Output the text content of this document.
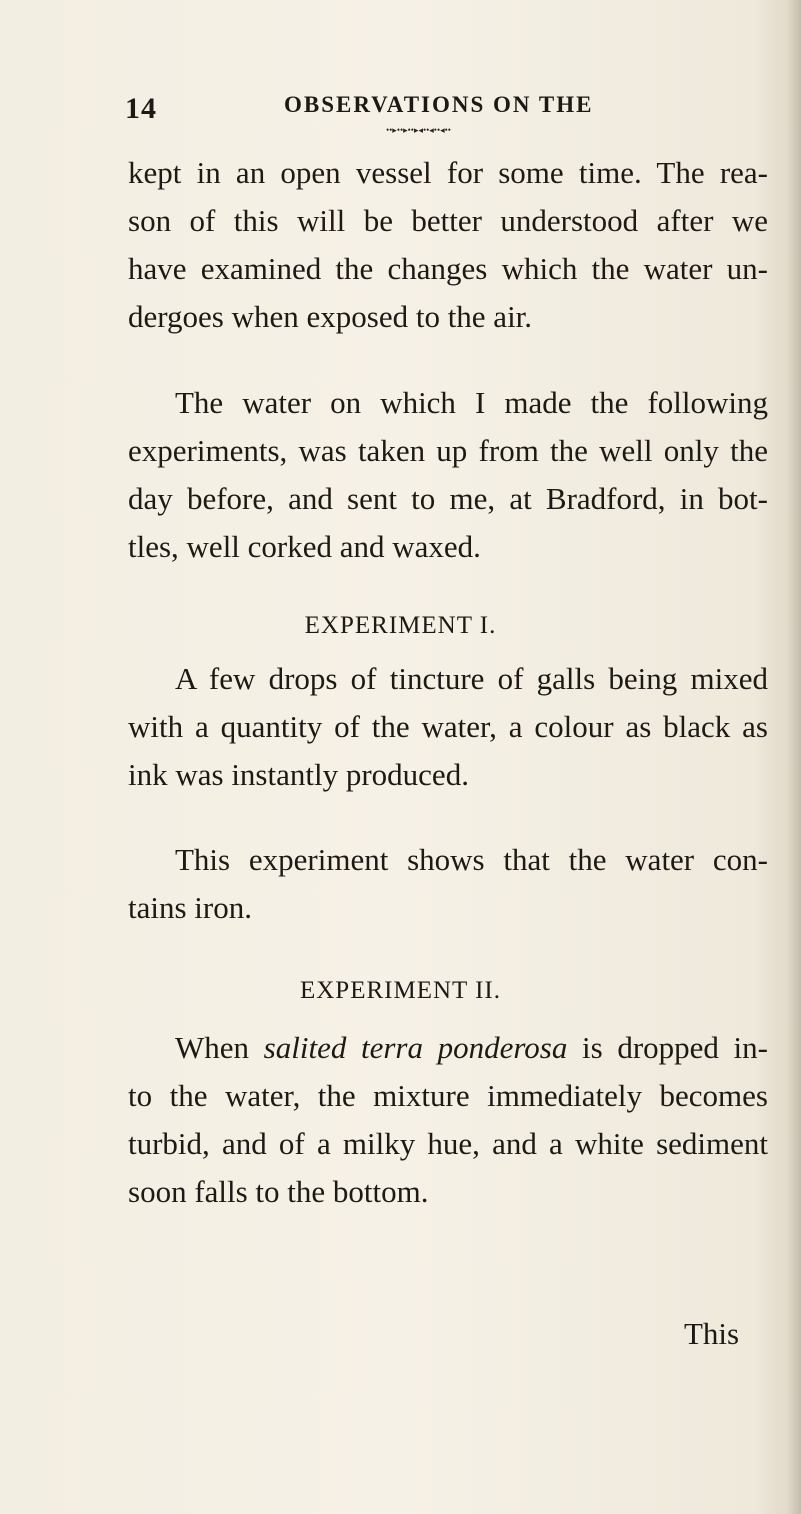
14	OBSERVATIONS ON THE
••▸••▸••▸◂••◂••◂••
kept in an open vessel for some time. The rea-
son of this will be better understood after we
have examined the changes which the water un-
dergoes when exposed to the air.
The water on which I made the following
experiments, was taken up from the well only the
day before, and sent to me, at Bradford, in bot-
tles, well corked and waxed.
EXPERIMENT I.
A few drops of tincture of galls being mixed
with a quantity of the water, a colour as black as
ink was instantly produced.
This experiment shows that the water con-
tains iron.
EXPERIMENT II.
When salited terra ponderosa is dropped in-
to the water, the mixture immediately becomes
turbid, and of a milky hue, and a white sediment
soon falls to the bottom.
This
